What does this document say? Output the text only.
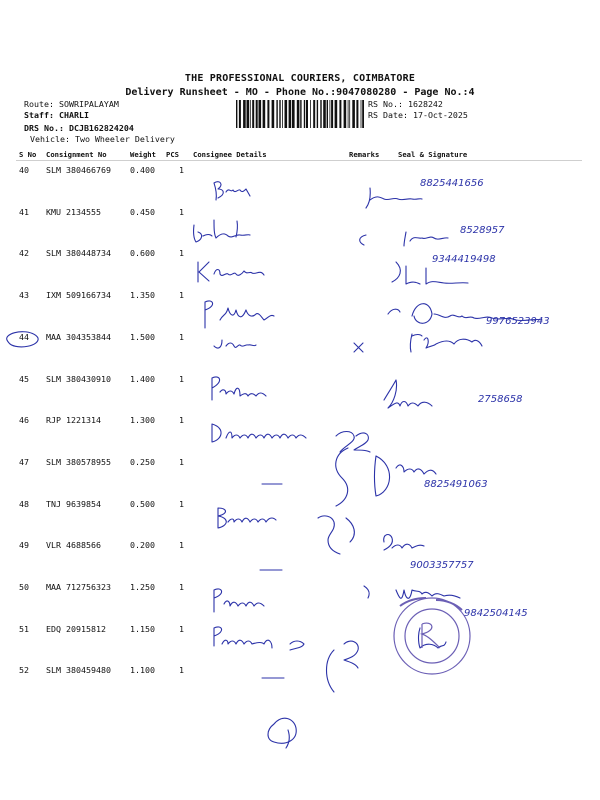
THE PROFESSIONAL COURIERS, COIMBATORE
Delivery Runsheet - MO - Phone No.:9047080280 - Page No.:4
Route: SOWRIPALAYAM
Staff: CHARLI
DRS No.: DCJB162824204
Vehicle: Two Wheeler Delivery
RS No.: 1628242
RS Date: 17-Oct-2025
S No Consignment No	Weight PCS Consignee Details	Remarks	Seal & Signature
40 SLM 380466769 0.400	1
41 KMU 2134555	0.450	1
42 SLM 380448734 0.600	1
43 IXM 509166734 1.350	1
44 MAA 304353844 1.500	1
45 SLM 380430910 1.400	1
46 RJP 1221314	1.300	1
47 SLM 380578955 0.250	1
48 TNJ 9639854	0.500	1
49 VLR 4688566	0.200	1
50 MAA 712756323 1.250	1
51 EDQ 20915812	1.150	1
52 SLM 380459480 1.100	1
8825441656
8528957
9344419498
9976523943
2758658
8825491063
9003357757
9842504145
